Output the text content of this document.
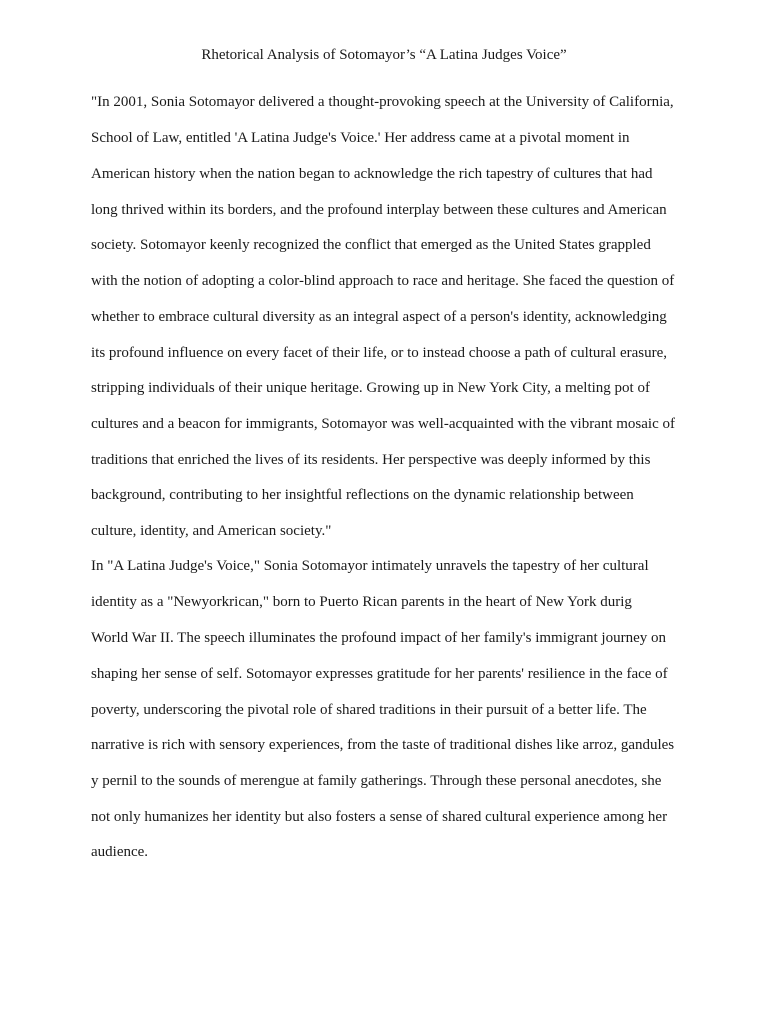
Rhetorical Analysis of Sotomayor’s “A Latina Judges Voice”
"In 2001, Sonia Sotomayor delivered a thought-provoking speech at the University of California,
School of Law, entitled 'A Latina Judge's Voice.' Her address came at a pivotal moment in
American history when the nation began to acknowledge the rich tapestry of cultures that had
long thrived within its borders, and the profound interplay between these cultures and American
society. Sotomayor keenly recognized the conflict that emerged as the United States grappled
with the notion of adopting a color-blind approach to race and heritage. She faced the question of
whether to embrace cultural diversity as an integral aspect of a person's identity, acknowledging
its profound influence on every facet of their life, or to instead choose a path of cultural erasure,
stripping individuals of their unique heritage. Growing up in New York City, a melting pot of
cultures and a beacon for immigrants, Sotomayor was well-acquainted with the vibrant mosaic of
traditions that enriched the lives of its residents. Her perspective was deeply informed by this
background, contributing to her insightful reflections on the dynamic relationship between
culture, identity, and American society."
In "A Latina Judge's Voice," Sonia Sotomayor intimately unravels the tapestry of her cultural
identity as a "Newyorkrican," born to Puerto Rican parents in the heart of New York durig
World War II. The speech illuminates the profound impact of her family's immigrant journey on
shaping her sense of self. Sotomayor expresses gratitude for her parents' resilience in the face of
poverty, underscoring the pivotal role of shared traditions in their pursuit of a better life. The
narrative is rich with sensory experiences, from the taste of traditional dishes like arroz, gandules
y pernil to the sounds of merengue at family gatherings. Through these personal anecdotes, she
not only humanizes her identity but also fosters a sense of shared cultural experience among her
audience.
